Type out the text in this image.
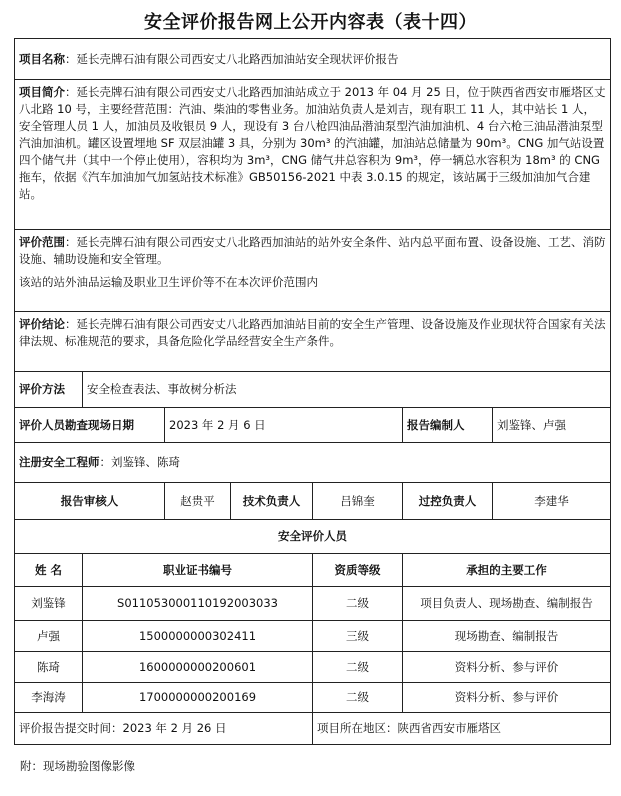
安全评价报告网上公开内容表（表十四）
项目名称：延长壳牌石油有限公司西安丈八北路西加油站安全现状评价报告						

项目简介：延长壳牌石油有限公司西安丈八北路西加油站成立于 2013 年 04 月 25 日，位于陕西省西安市雁塔区丈八北路 10 号，主要经营范围：汽油、柴油的零售业务。加油站负责人是刘吉，现有职工 11 人，其中站长 1 人，安全管理人员 1 人，加油员及收银员 9 人，现设有 3 台八枪四油品潜油泵型汽油加油机、4 台六枪三油品潜油泵型汽油加油机。罐区设置埋地 SF 双层油罐 3 具，分别为 30m³ 的汽油罐，加油站总储量为 90m³。CNG 加气站设置四个储气井（其中一个停止使用），容积均为 3m³，CNG 储气井总容积为 9m³，停一辆总水容积为 18m³ 的 CNG 拖车，依据《汽车加油加气加氢站技术标准》GB50156-2021 中表 3.0.15 的规定，该站属于三级加油加气合建站。						

评价范围：延长壳牌石油有限公司西安丈八北路西加油站的站外安全条件、站内总平面布置、设备设施、工艺、消防设施、辅助设施和安全管理。

该站的站外油品运输及职业卫生评价等不在本次评价范围内						

评价结论：延长壳牌石油有限公司西安丈八北路西加油站目前的安全生产管理、设备设施及作业现状符合国家有关法律法规、标准规范的要求，具备危险化学品经营安全生产条件。						

评价方法	安全检查表法、事故树分析法					
评价人员勘查现场日期		2023 年 2 月 6 日			报告编制人	刘鉴锋、卢强
注册安全工程师：刘鉴锋、陈琦						
报告审核人		赵贵平	技术负责人	吕锦奎	过控负责人	李建华
安全评价人员						
姓 名	职业证书编号			资质等级	承担的主要工作	
刘鉴锋	S011053000110192003033			二级	项目负责人、现场勘查、编制报告	
卢强	1500000000302411			三级	现场勘查、编制报告	
陈琦	1600000000200601			二级	资料分析、参与评价	
李海涛	1700000000200169			二级	资料分析、参与评价	
评价报告提交时间：2023 年 2 月 26 日				项目所在地区：陕西省西安市雁塔区		
附：现场勘验图像影像
